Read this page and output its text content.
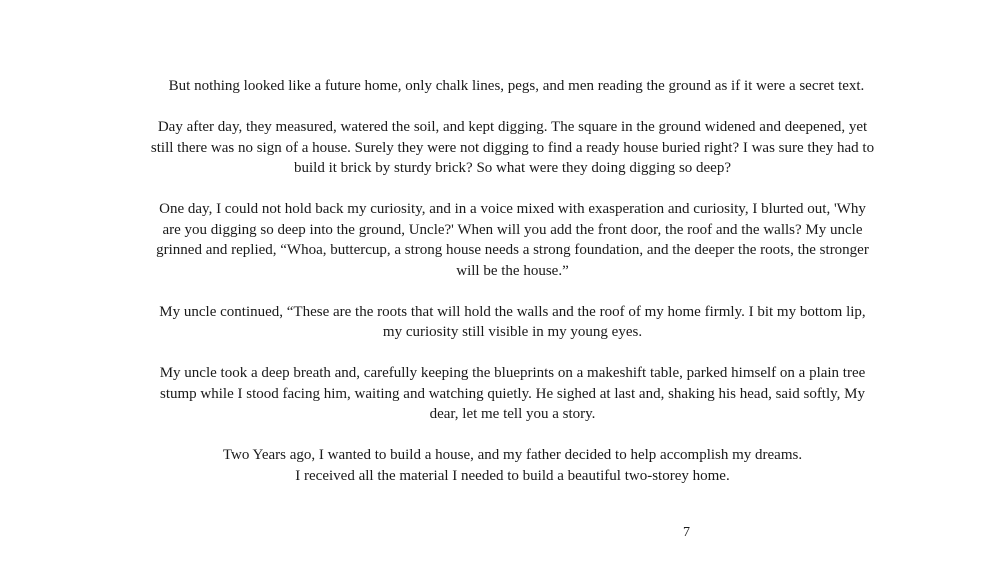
But nothing looked like a future home, only chalk lines, pegs, and men reading the ground as if it were a secret text.

Day after day, they measured, watered the soil, and kept digging. The square in the ground widened and deepened, yet
still there was no sign of a house. Surely they were not digging to find a ready house buried right? I was sure they had to
build it brick by sturdy brick? So what were they doing digging so deep?

One day, I could not hold back my curiosity, and in a voice mixed with exasperation and curiosity, I blurted out, 'Why
are you digging so deep into the ground, Uncle?' When will you add the front door, the roof and the walls? My uncle
grinned and replied, “Whoa, buttercup, a strong house needs a strong foundation, and the deeper the roots, the stronger
will be the house.”

My uncle continued, “These are the roots that will hold the walls and the roof of my home firmly. I bit my bottom lip,
my curiosity still visible in my young eyes.

My uncle took a deep breath and, carefully keeping the blueprints on a makeshift table, parked himself on a plain tree
stump while I stood facing him, waiting and watching quietly. He sighed at last and, shaking his head, said softly, My
dear, let me tell you a story.

Two Years ago, I wanted to build a house, and my father decided to help accomplish my dreams.
I received all the material I needed to build a beautiful two-storey home.

7
